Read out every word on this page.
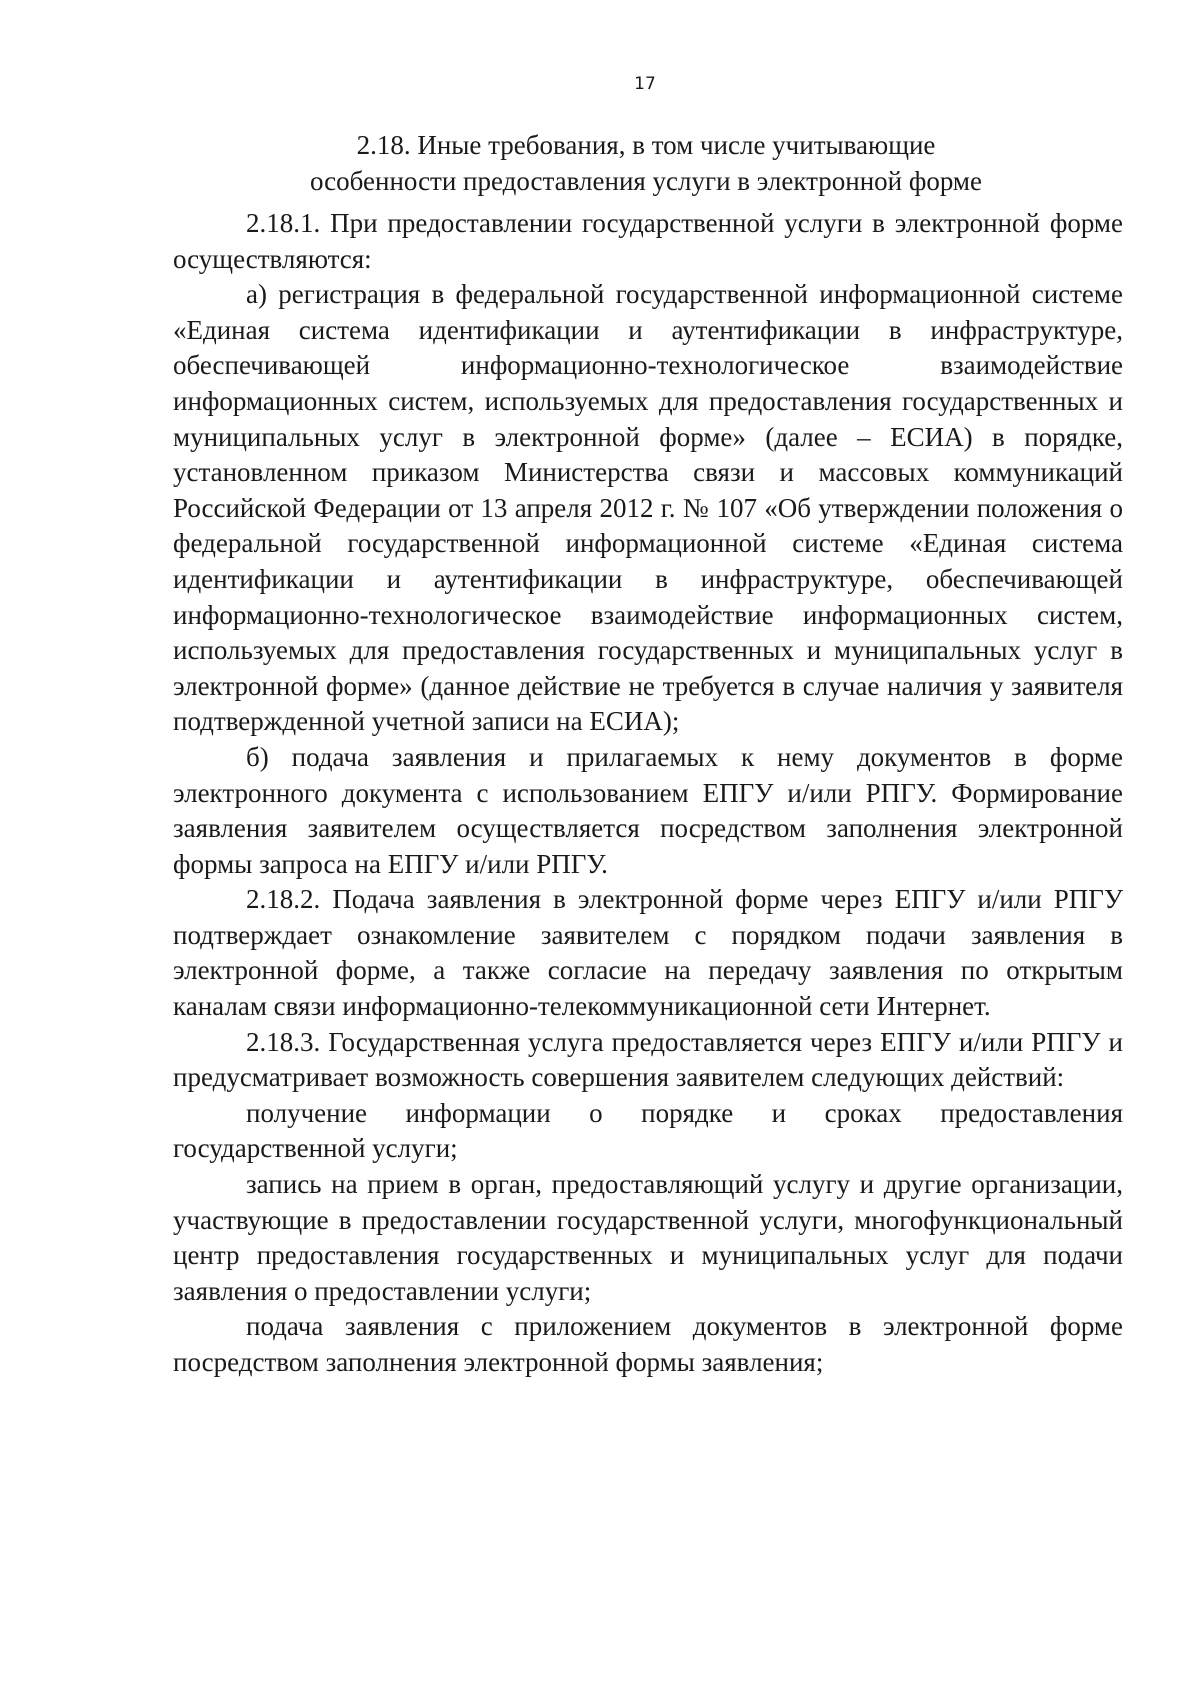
17
2.18. Иные требования, в том числе учитывающие
особенности предоставления услуги в электронной форме

2.18.1. При предоставлении государственной услуги в электронной форме осуществляются:

а) регистрация в федеральной государственной информационной системе «Единая система идентификации и аутентификации в инфраструктуре, обеспечивающей информационно-технологическое взаимодействие информационных систем, используемых для предоставления государственных и муниципальных услуг в электронной форме» (далее – ЕСИА) в порядке, установленном приказом Министерства связи и массовых коммуникаций Российской Федерации от 13 апреля 2012 г. № 107 «Об утверждении положения о федеральной государственной информационной системе «Единая система идентификации и аутентификации в инфраструктуре, обеспечивающей информационно-технологическое взаимодействие информационных систем, используемых для предоставления государственных и муниципальных услуг в электронной форме» (данное действие не требуется в случае наличия у заявителя подтвержденной учетной записи на ЕСИА);

б) подача заявления и прилагаемых к нему документов в форме электронного документа с использованием ЕПГУ и/или РПГУ. Формирование заявления заявителем осуществляется посредством заполнения электронной формы запроса на ЕПГУ и/или РПГУ.

2.18.2. Подача заявления в электронной форме через ЕПГУ и/или РПГУ подтверждает ознакомление заявителем с порядком подачи заявления в электронной форме, а также согласие на передачу заявления по открытым каналам связи информационно-телекоммуникационной сети Интернет.

2.18.3. Государственная услуга предоставляется через ЕПГУ и/или РПГУ и предусматривает возможность совершения заявителем следующих действий:

получение информации о порядке и сроках предоставления государственной услуги;

запись на прием в орган, предоставляющий услугу и другие организации, участвующие в предоставлении государственной услуги, многофункциональный центр предоставления государственных и муниципальных услуг для подачи заявления о предоставлении услуги;

подача заявления с приложением документов в электронной форме посредством заполнения электронной формы заявления;
